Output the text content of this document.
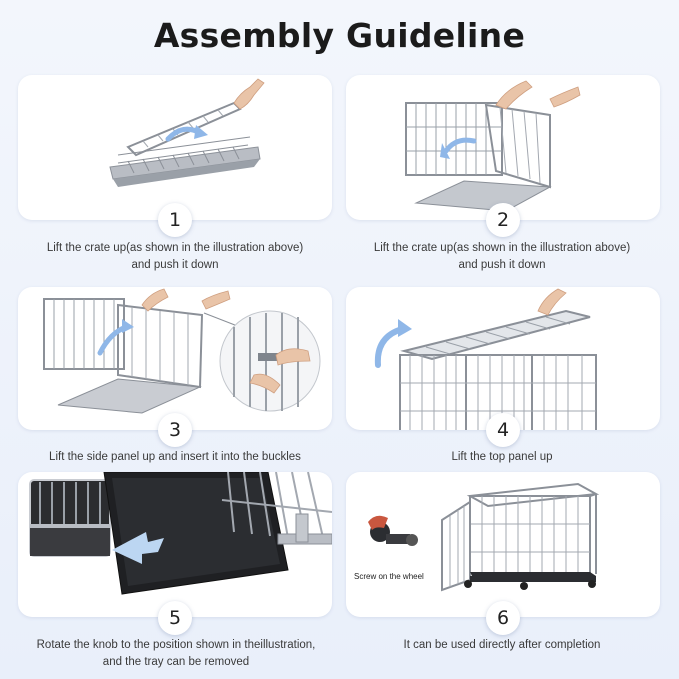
Assembly Guideline
1
Lift the crate up(as shown in the illustration above)
and push it down
2
Lift the crate up(as shown in the illustration above)
and push it down
3
Lift the side panel up and insert it into the buckles
4
Lift the top panel up
5
Rotate the knob to the position shown in theillustration,
and the tray can be removed
Screw on the wheel
6
It can be used directly after completion
